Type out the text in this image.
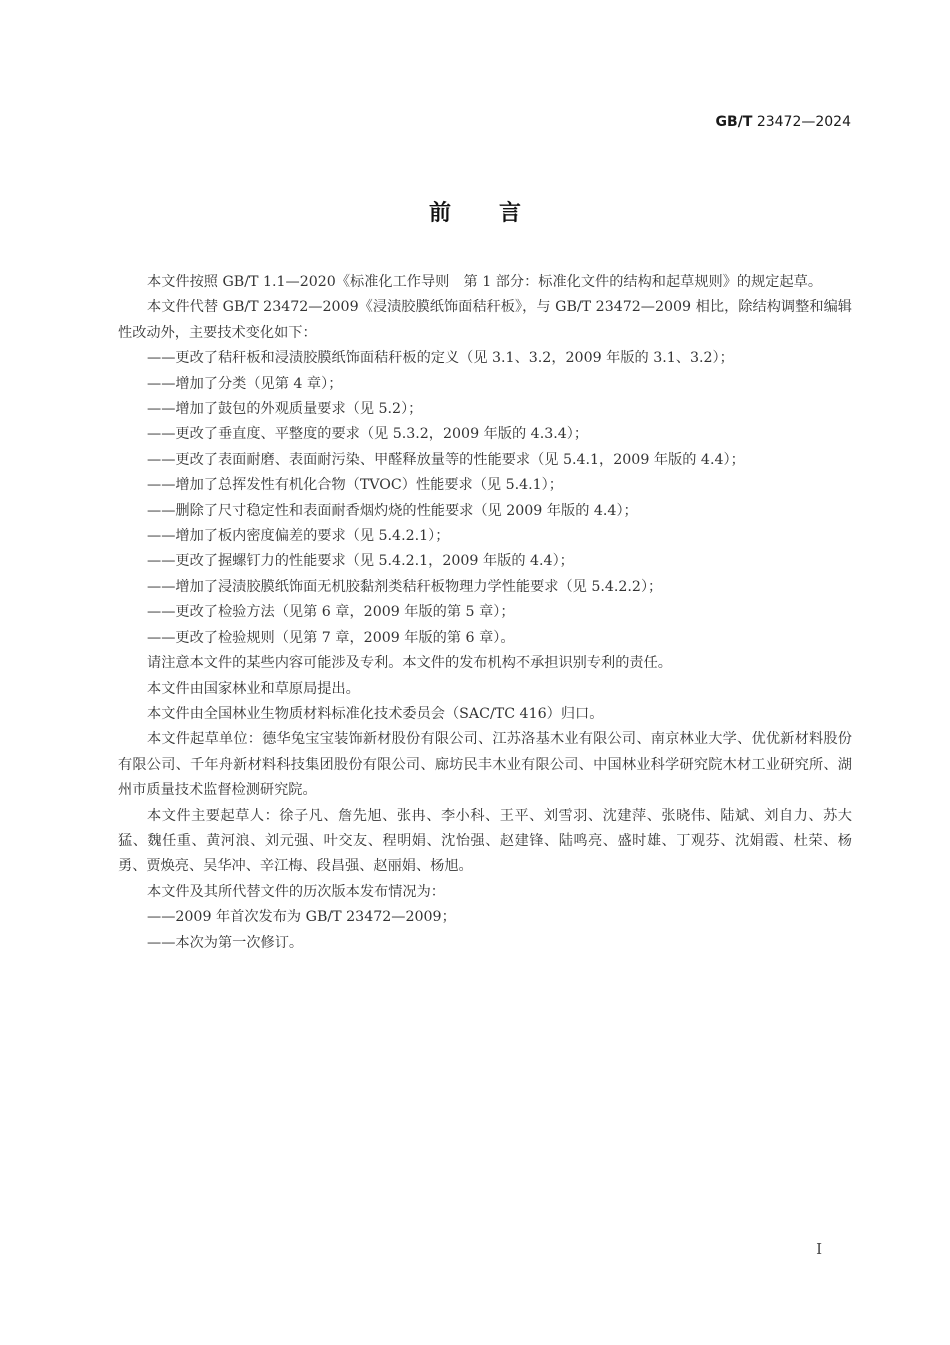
GB/T 23472—2024
前言

本文件按照 GB/T 1.1—2020《标准化工作导则　第 1 部分：标准化文件的结构和起草规则》的规定起草。

本文件代替 GB/T 23472—2009《浸渍胶膜纸饰面秸秆板》，与 GB/T 23472—2009 相比，除结构调整和编辑性改动外，主要技术变化如下：

——更改了秸秆板和浸渍胶膜纸饰面秸秆板的定义（见 3.1、3.2，2009 年版的 3.1、3.2）；

——增加了分类（见第 4 章）；

——增加了鼓包的外观质量要求（见 5.2）；

——更改了垂直度、平整度的要求（见 5.3.2，2009 年版的 4.3.4）；

——更改了表面耐磨、表面耐污染、甲醛释放量等的性能要求（见 5.4.1，2009 年版的 4.4）；

——增加了总挥发性有机化合物（TVOC）性能要求（见 5.4.1）；

——删除了尺寸稳定性和表面耐香烟灼烧的性能要求（见 2009 年版的 4.4）；

——增加了板内密度偏差的要求（见 5.4.2.1）；

——更改了握螺钉力的性能要求（见 5.4.2.1，2009 年版的 4.4）；

——增加了浸渍胶膜纸饰面无机胶黏剂类秸秆板物理力学性能要求（见 5.4.2.2）；

——更改了检验方法（见第 6 章，2009 年版的第 5 章）；

——更改了检验规则（见第 7 章，2009 年版的第 6 章）。

请注意本文件的某些内容可能涉及专利。本文件的发布机构不承担识别专利的责任。

本文件由国家林业和草原局提出。

本文件由全国林业生物质材料标准化技术委员会（SAC/TC 416）归口。

本文件起草单位：德华兔宝宝装饰新材股份有限公司、江苏洛基木业有限公司、南京林业大学、优优新材料股份有限公司、千年舟新材料科技集团股份有限公司、廊坊民丰木业有限公司、中国林业科学研究院木材工业研究所、湖州市质量技术监督检测研究院。

本文件主要起草人：徐子凡、詹先旭、张冉、李小科、王平、刘雪羽、沈建萍、张晓伟、陆斌、刘自力、苏大猛、魏任重、黄河浪、刘元强、叶交友、程明娟、沈怡强、赵建锋、陆鸣亮、盛时雄、丁观芬、沈娟霞、杜荣、杨勇、贾焕亮、吴华冲、辛江梅、段昌强、赵丽娟、杨旭。

本文件及其所代替文件的历次版本发布情况为：

——2009 年首次发布为 GB/T 23472—2009；

——本次为第一次修订。

I
